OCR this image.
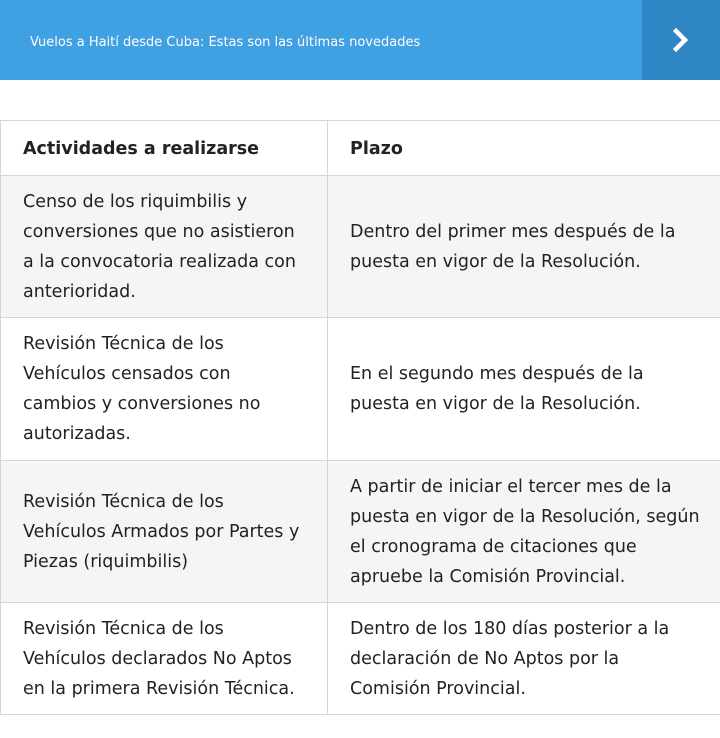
Vuelos a Haití desde Cuba: Estas son las últimas novedades
Actividades a realizarse	Plazo
Censo de los riquimbilis y conversiones que no asistieron a la convocatoria realizada con anterioridad.	Dentro del primer mes después de la puesta en vigor de la Resolución.
Revisión Técnica de los Vehículos censados con cambios y conversiones no autorizadas.	En el segundo mes después de la puesta en vigor de la Resolución.
Revisión Técnica de los Vehículos Armados por Partes y Piezas (riquimbilis)	A partir de iniciar el tercer mes de la puesta en vigor de la Resolución, según el cronograma de citaciones que apruebe la Comisión Provincial.
Revisión Técnica de los Vehículos declarados No Aptos en la primera Revisión Técnica.	Dentro de los 180 días posterior a la declaración de No Aptos por la Comisión Provincial.
